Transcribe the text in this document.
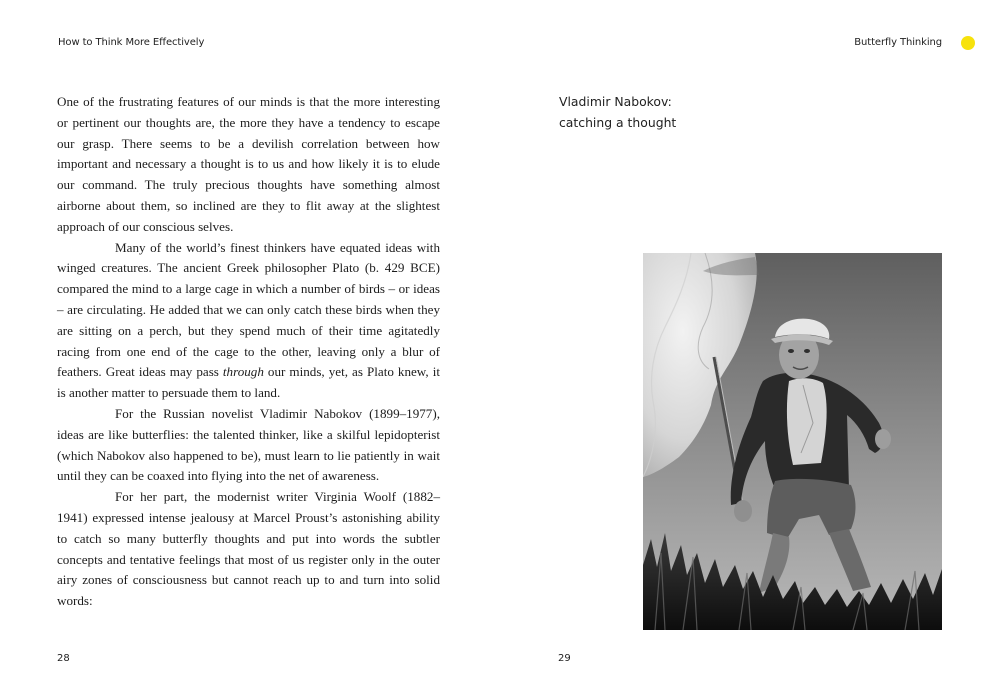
How to Think More Effectively

One of the frustrating features of our minds is that the more interesting or pertinent our thoughts are, the more they have a tendency to escape our grasp. There seems to be a devilish correlation between how important and necessary a thought is to us and how likely it is to elude our command. The truly precious thoughts have something almost airborne about them, so inclined are they to flit away at the slightest approach of our conscious selves.

Many of the world’s finest thinkers have equated ideas with winged creatures. The ancient Greek philosopher Plato (b. 429 BCE) compared the mind to a large cage in which a number of birds – or ideas – are circulating. He added that we can only catch these birds when they are sitting on a perch, but they spend much of their time agitatedly racing from one end of the cage to the other, leaving only a blur of feathers. Great ideas may pass through our minds, yet, as Plato knew, it is another matter to persuade them to land.

For the Russian novelist Vladimir Nabokov (1899–1977), ideas are like butterflies: the talented thinker, like a skilful lepidopterist (which Nabokov also happened to be), must learn to lie patiently in wait until they can be coaxed into flying into the net of awareness.

For her part, the modernist writer Virginia Woolf (1882–1941) expressed intense jealousy at Marcel Proust’s astonishing ability to catch so many butterfly thoughts and put into words the subtler concepts and tentative feelings that most of us register only in the outer airy zones of consciousness but cannot reach up to and turn into solid words:

28
Butterfly Thinking
Vladimir Nabokov:
catching a thought
29
